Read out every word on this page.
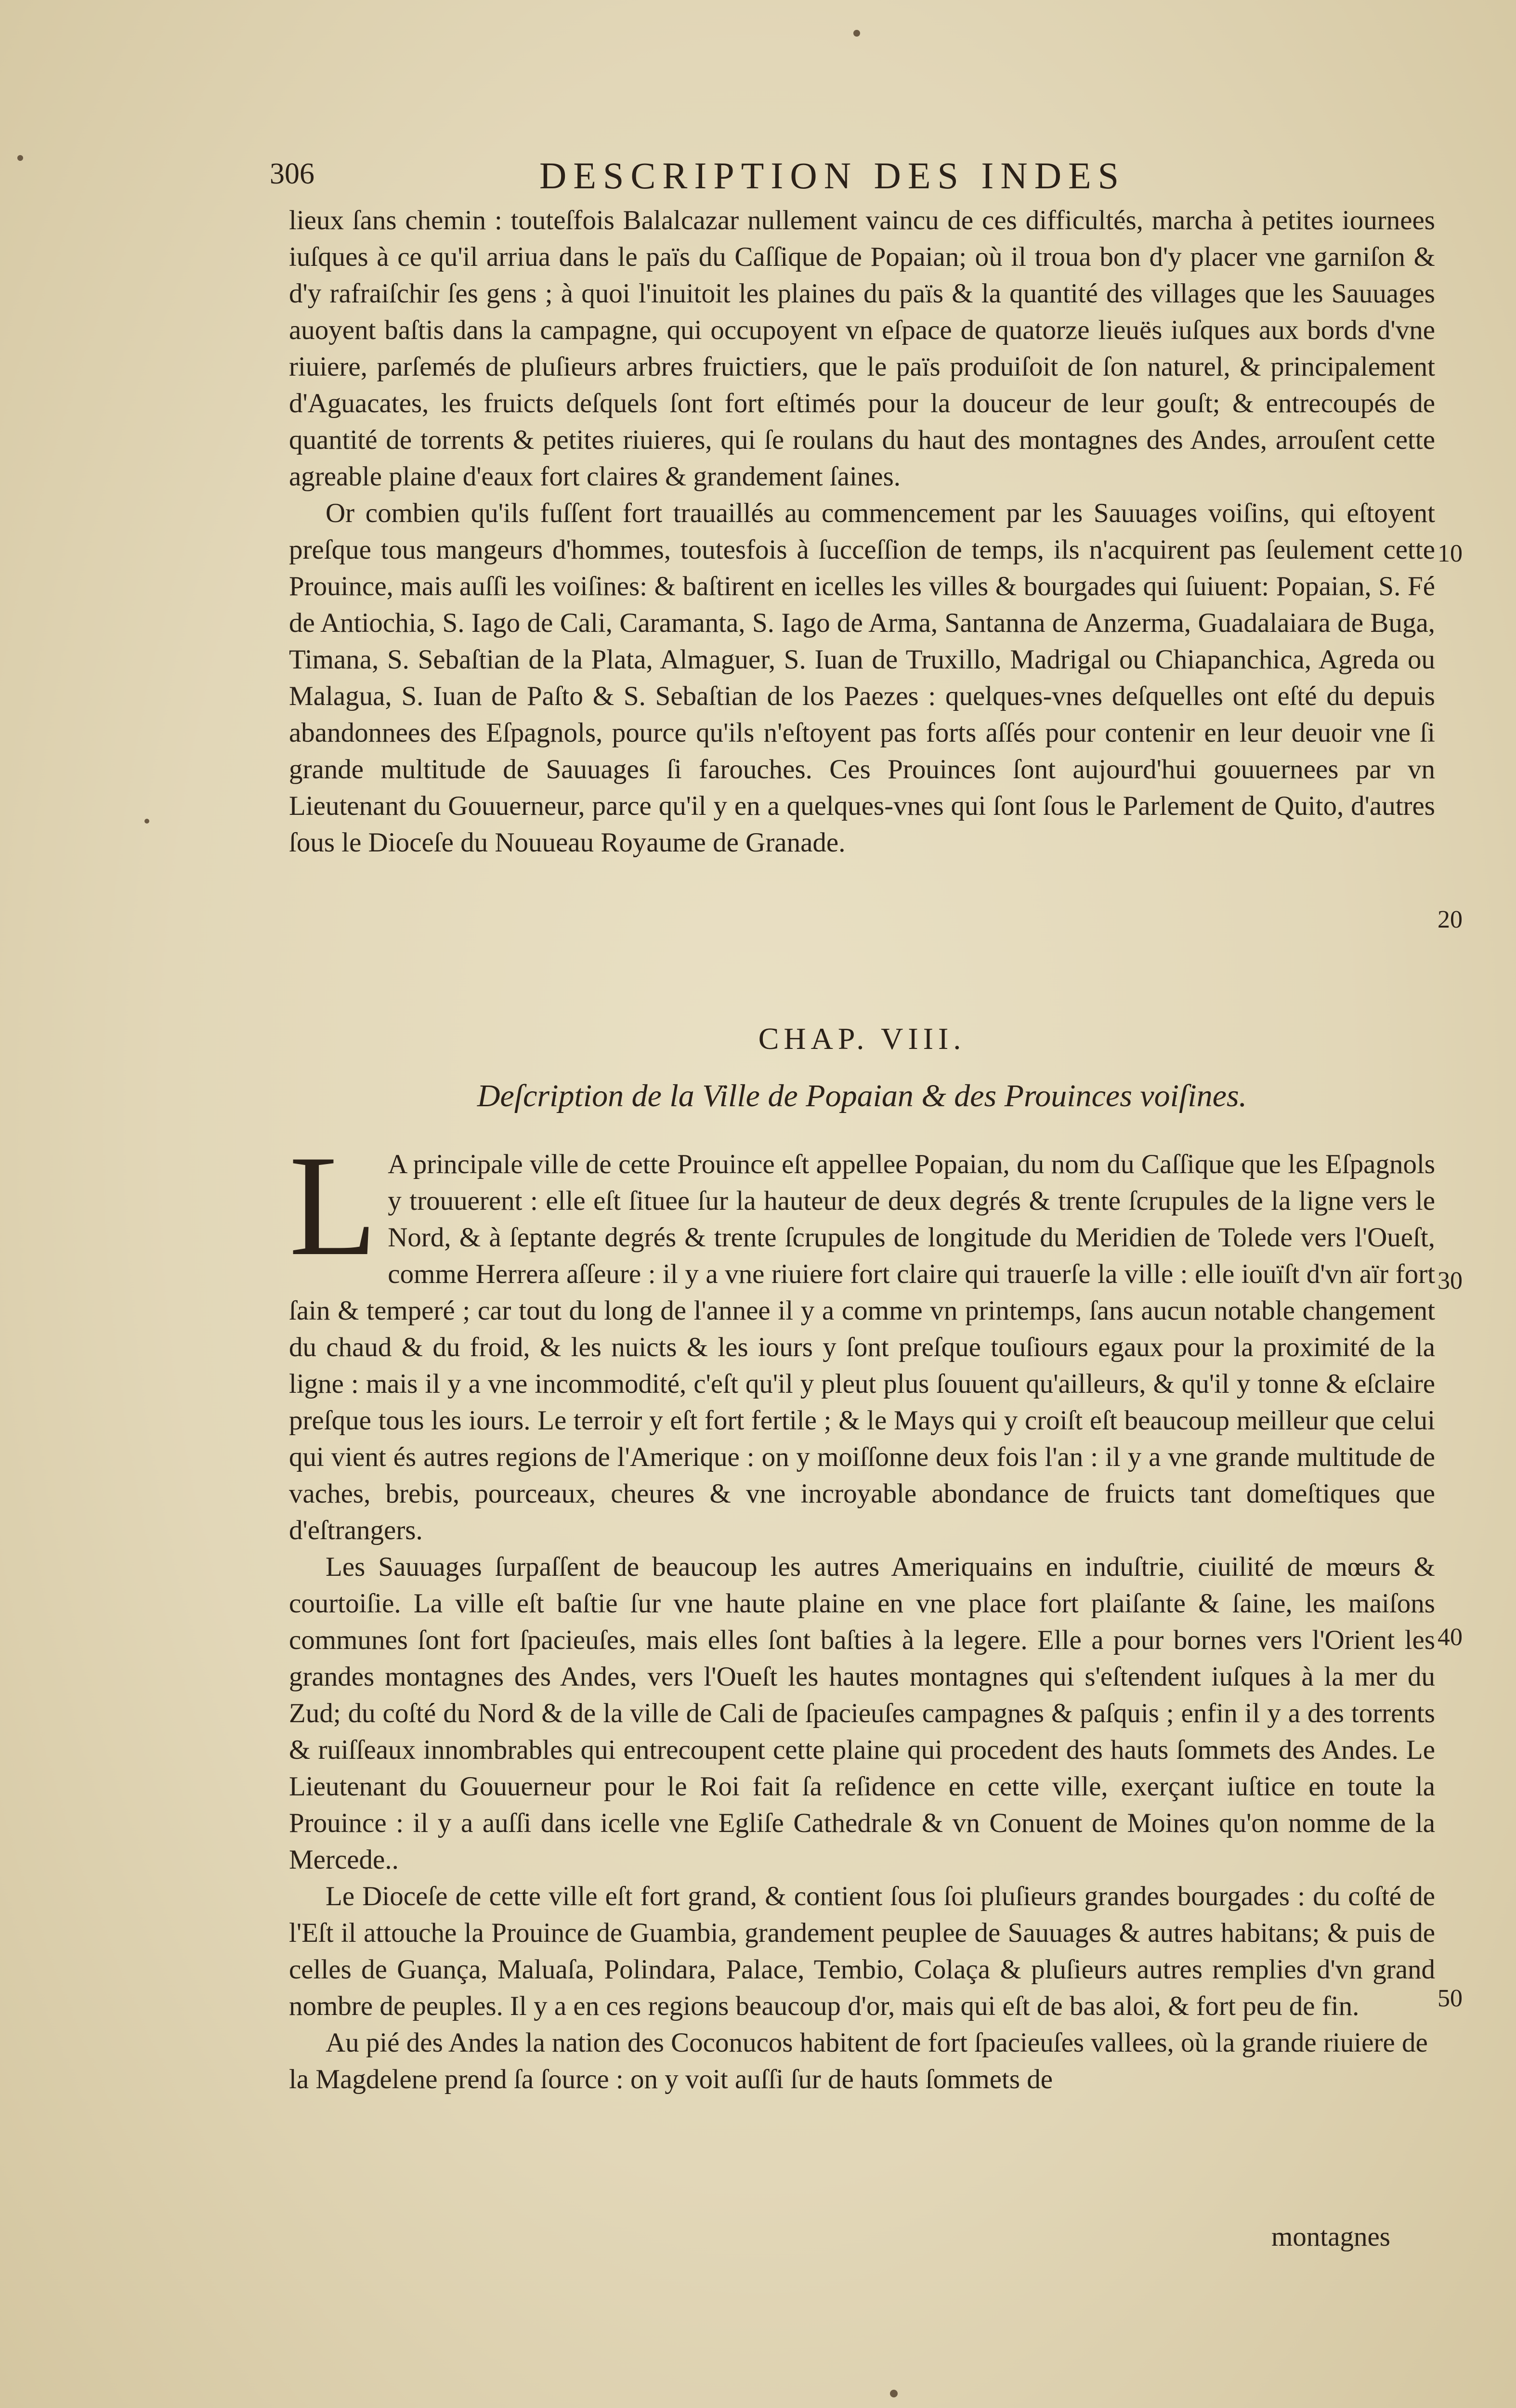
306	DESCRIPTION DES INDES

lieux ſans chemin : touteſfois Balalcazar nullement vaincu de ces difficultés, marcha à petites iournees iuſques à ce qu'il arriua dans le païs du Caſſique de Popaian; où il troua bon d'y placer vne garniſon & d'y rafraiſchir ſes gens ; à quoi l'inuitoit les plaines du païs & la quantité des villages que les Sauuages auoyent baſtis dans la campagne, qui occupoyent vn eſpace de quatorze lieuës iuſques aux bords d'vne riuiere, parſemés de pluſieurs arbres fruictiers, que le païs produiſoit de ſon naturel, & principalement d'Aguacates, les fruicts deſquels ſont fort eſtimés pour la douceur de leur gouſt; & entrecoupés de quantité de torrents & petites riuieres, qui ſe roulans du haut des montagnes des Andes, arrouſent cette agreable plaine d'eaux fort claires & grandement ſaines.

Or combien qu'ils fuſſent fort trauaillés au commencement par les Sauuages voiſins, qui eſtoyent preſque tous mangeurs d'hommes, toutesfois à ſucceſſion de temps, ils n'acquirent pas ſeulement cette Prouince, mais auſſi les voiſines: & baſtirent en icelles les villes & bourgades qui ſuiuent: Popaian, S. Fé de Antiochia, S. Iago de Cali, Caramanta, S. Iago de Arma, Santanna de Anzerma, Guadalaiara de Buga, Timana, S. Sebaſtian de la Plata, Almaguer, S. Iuan de Truxillo, Madrigal ou Chiapanchica, Agreda ou Malagua, S. Iuan de Paſto & S. Sebaſtian de los Paezes : quelques-vnes deſquelles ont eſté du depuis abandonnees des Eſpagnols, pource qu'ils n'eſtoyent pas forts aſſés pour contenir en leur deuoir vne ſi grande multitude de Sauuages ſi farouches. Ces Prouinces ſont aujourd'hui gouuernees par vn Lieutenant du Gouuerneur, parce qu'il y en a quelques-vnes qui ſont ſous le Parlement de Quito, d'autres ſous le Dioceſe du Nouueau Royaume de Granade.

CHAP. VIII.
Deſcription de la Ville de Popaian & des Prouinces voiſines.
L A principale ville de cette Prouince eſt appellee Popaian, du nom du Caſſique que les Eſpagnols y trouuerent : elle eſt ſituee ſur la hauteur de deux degrés & trente ſcrupules de la ligne vers le Nord, & à ſeptante degrés & trente ſcrupules de longitude du Meridien de Tolede vers l'Oueſt, comme Herrera aſſeure : il y a vne riuiere fort claire qui trauerſe la ville : elle iouïſt d'vn aïr fort ſain & temperé ; car tout du long de l'annee il y a comme vn printemps, ſans aucun notable changement du chaud & du froid, & les nuicts & les iours y ſont preſque touſiours egaux pour la proximité de la ligne : mais il y a vne incommodité, c'eſt qu'il y pleut plus ſouuent qu'ailleurs, & qu'il y tonne & eſclaire preſque tous les iours. Le terroir y eſt fort fertile ; & le Mays qui y croiſt eſt beaucoup meilleur que celui qui vient és autres regions de l'Amerique : on y moiſſonne deux fois l'an : il y a vne grande multitude de vaches, brebis, pourceaux, cheures & vne incroyable abondance de fruicts tant domeſtiques que d'eſtrangers.

Les Sauuages ſurpaſſent de beaucoup les autres Ameriquains en induſtrie, ciuilité de mœurs & courtoiſie. La ville eſt baſtie ſur vne haute plaine en vne place fort plaiſante & ſaine, les maiſons communes ſont fort ſpacieuſes, mais elles ſont baſties à la legere. Elle a pour bornes vers l'Orient les grandes montagnes des Andes, vers l'Oueſt les hautes montagnes qui s'eſtendent iuſques à la mer du Zud; du coſté du Nord & de la ville de Cali de ſpacieuſes campagnes & paſquis ; enfin il y a des torrents & ruiſſeaux innombrables qui entrecoupent cette plaine qui procedent des hauts ſommets des Andes. Le Lieutenant du Gouuerneur pour le Roi fait ſa reſidence en cette ville, exerçant iuſtice en toute la Prouince : il y a auſſi dans icelle vne Egliſe Cathedrale & vn Conuent de Moines qu'on nomme de la Mercede..

Le Dioceſe de cette ville eſt fort grand, & contient ſous ſoi pluſieurs grandes bourgades : du coſté de l'Eſt il attouche la Prouince de Guambia, grandement peuplee de Sauuages & autres habitans; & puis de celles de Guança, Maluaſa, Polindara, Palace, Tembio, Colaça & pluſieurs autres remplies d'vn grand nombre de peuples. Il y a en ces regions beaucoup d'or, mais qui eſt de bas aloi, & fort peu de fin.

Au pié des Andes la nation des Coconucos habitent de fort ſpacieuſes vallees, où la grande riuiere de la Magdelene prend ſa ſource : on y voit auſſi ſur de hauts ſommets de

montagnes
10
20
30
40
50
